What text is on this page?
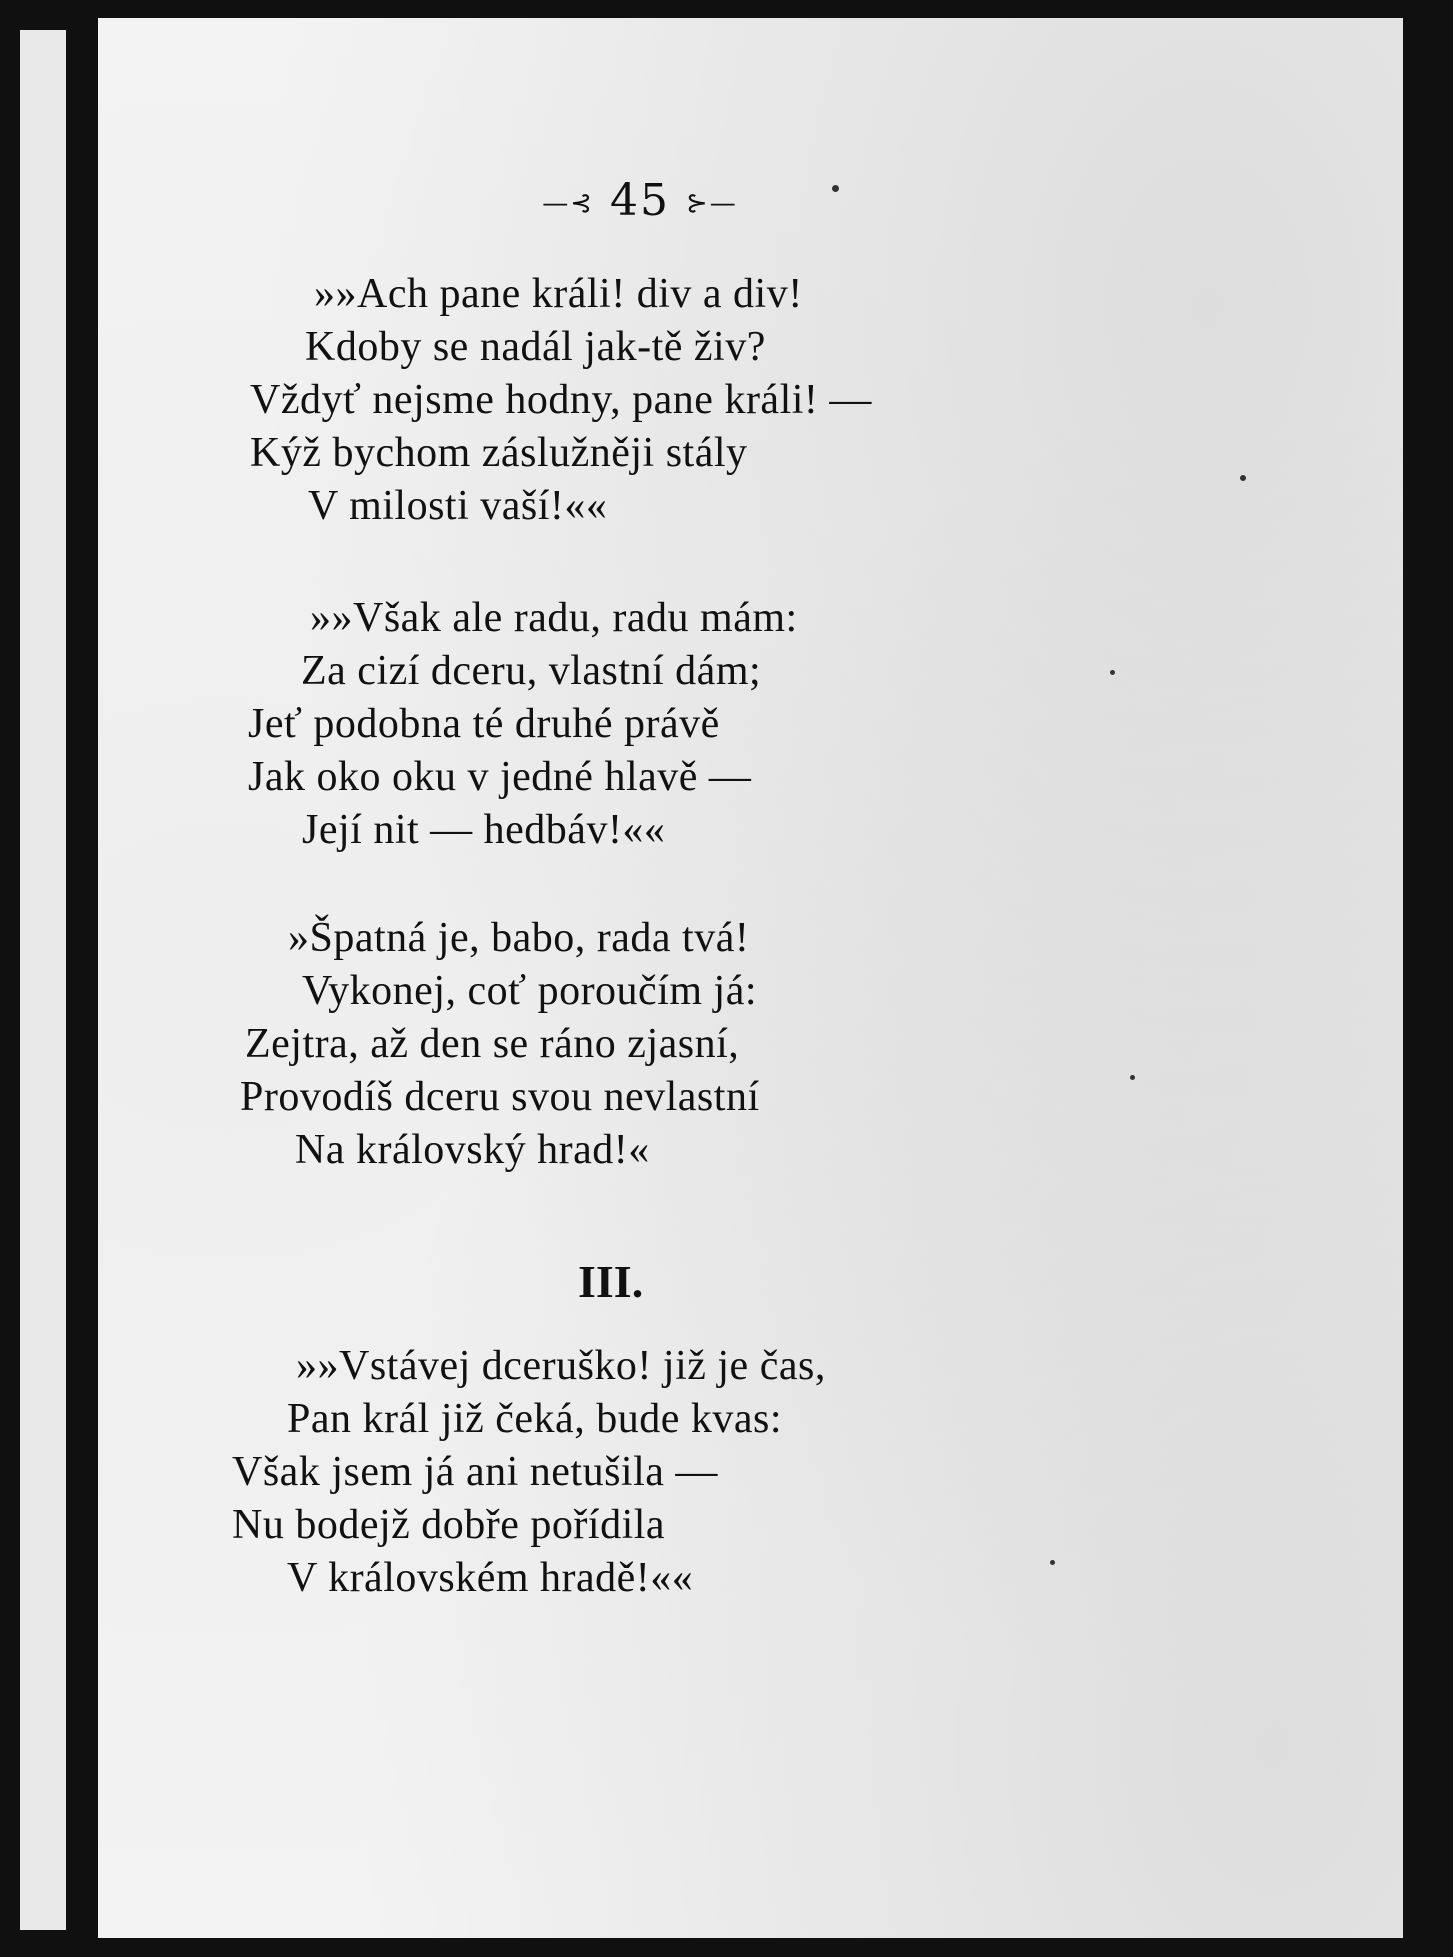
—⊰ 45 ⊱—
»»Ach pane králi! div a div!
Kdoby se nadál jak-tě živ?
Vždyť nejsme hodny, pane králi! —
Kýž bychom záslužněji stály
V milosti vaší!««
»»Však ale radu, radu mám:
Za cizí dceru, vlastní dám;
Jeť podobna té druhé právě
Jak oko oku v jedné hlavě —
Její nit — hedbáv!««
»Špatná je, babo, rada tvá!
Vykonej, coť poroučím já:
Zejtra, až den se ráno zjasní,
Provodíš dceru svou nevlastní
Na královský hrad!«
III.
»»Vstávej dceruško! již je čas,
Pan král již čeká, bude kvas:
Však jsem já ani netušila —
Nu bodejž dobře pořídila
V královském hradě!««
